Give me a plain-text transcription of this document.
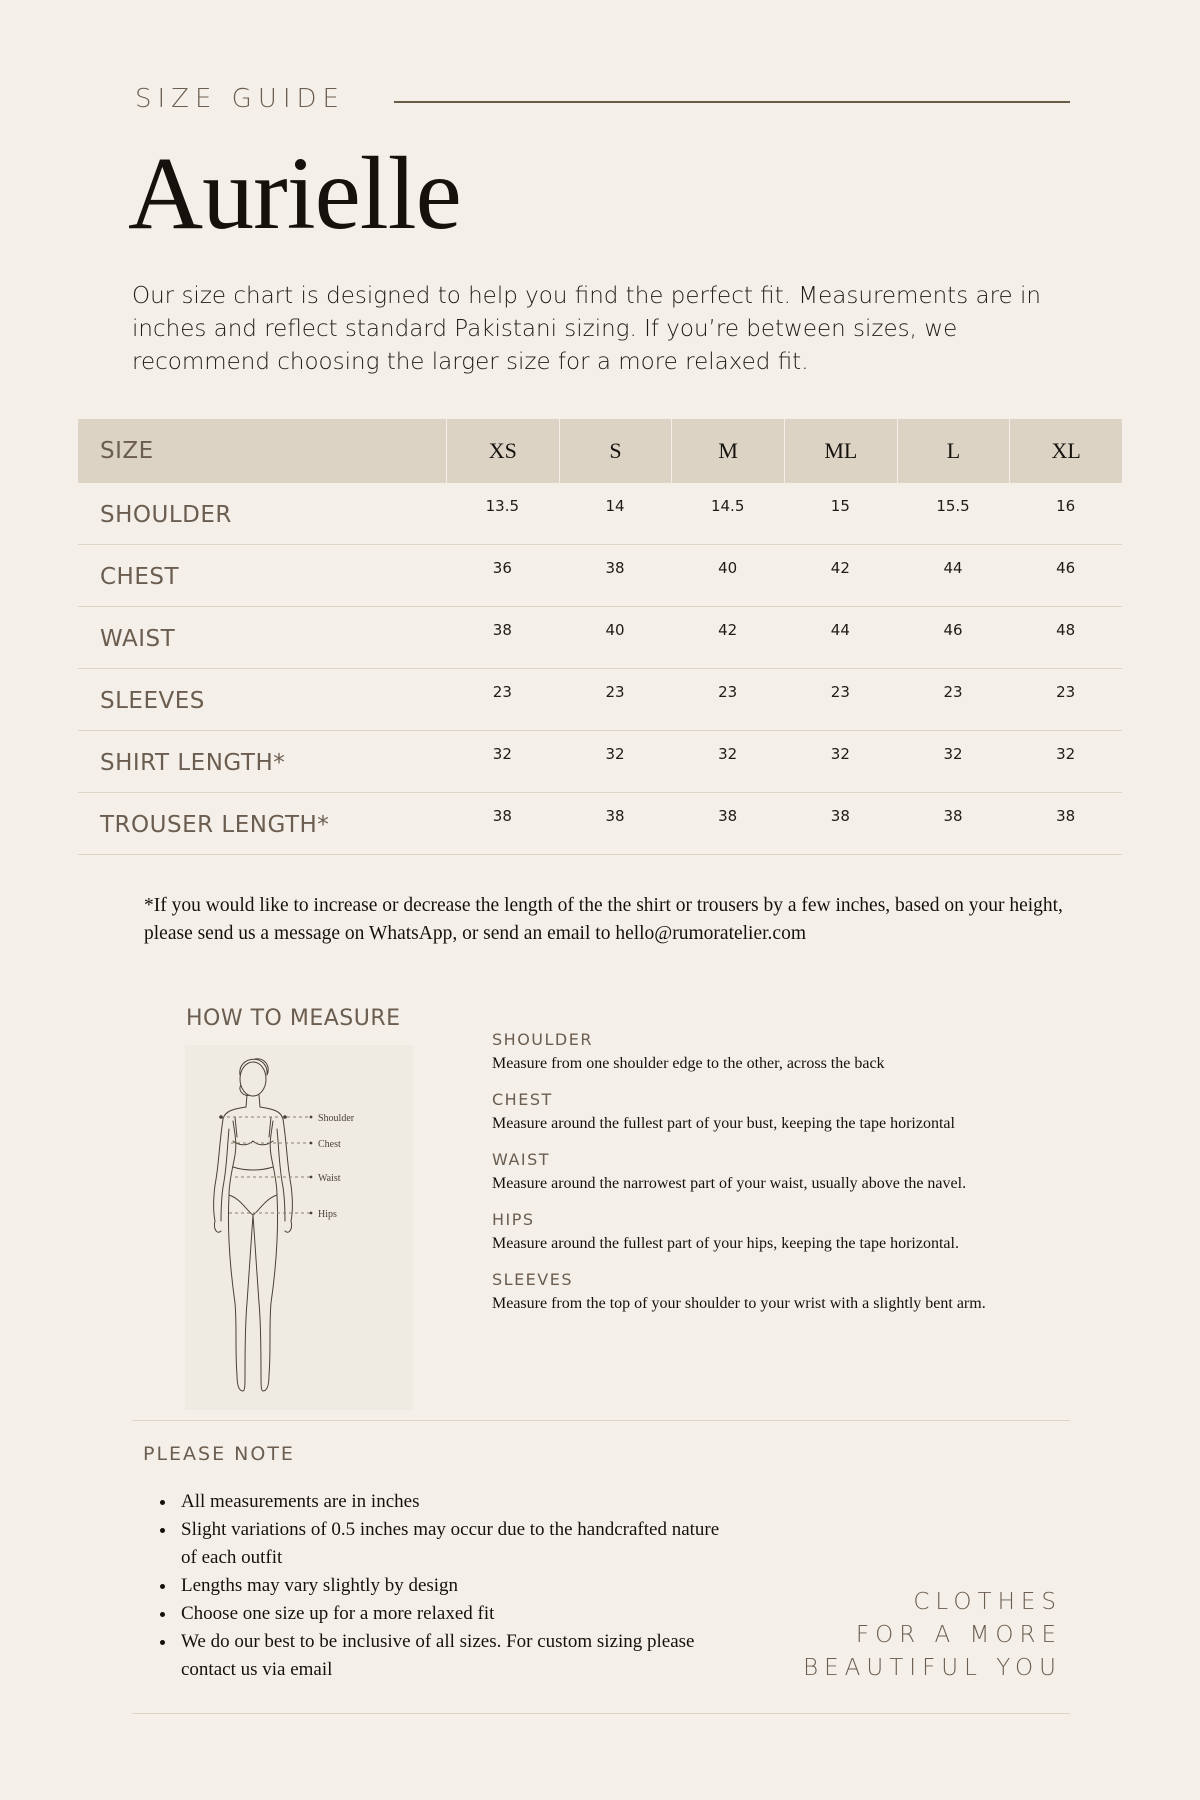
SIZE GUIDE
Aurielle
Our size chart is designed to help you find the perfect fit. Measurements are in inches and reflect standard Pakistani sizing. If you’re between sizes, we recommend choosing the larger size for a more relaxed fit.
SIZE	XS	S	M	ML	L	XL
SHOULDER	13.5	14	14.5	15	15.5	16
CHEST	36	38	40	42	44	46
WAIST	38	40	42	44	46	48
SLEEVES	23	23	23	23	23	23
SHIRT LENGTH*	32	32	32	32	32	32
TROUSER LENGTH*	38	38	38	38	38	38
*If you would like to increase or decrease the length of the the shirt or trousers by a few inches, based on your height, please send us a message on WhatsApp, or send an email to hello@rumoratelier.com
HOW TO MEASURE
Shoulder
Chest
Waist
Hips
SHOULDER
Measure from one shoulder edge to the other, across the back
CHEST
Measure around the fullest part of your bust, keeping the tape horizontal
WAIST
Measure around the narrowest part of your waist, usually above the navel.
HIPS
Measure around the fullest part of your hips, keeping the tape horizontal.
SLEEVES
Measure from the top of your shoulder to your wrist with a slightly bent arm.
PLEASE NOTE
• All measurements are in inches
• Slight variations of 0.5 inches may occur due to the handcrafted nature of each outfit
• Lengths may vary slightly by design
• Choose one size up for a more relaxed fit
• We do our best to be inclusive of all sizes. For custom sizing please contact us via email
CLOTHES
FOR A MORE
BEAUTIFUL YOU
